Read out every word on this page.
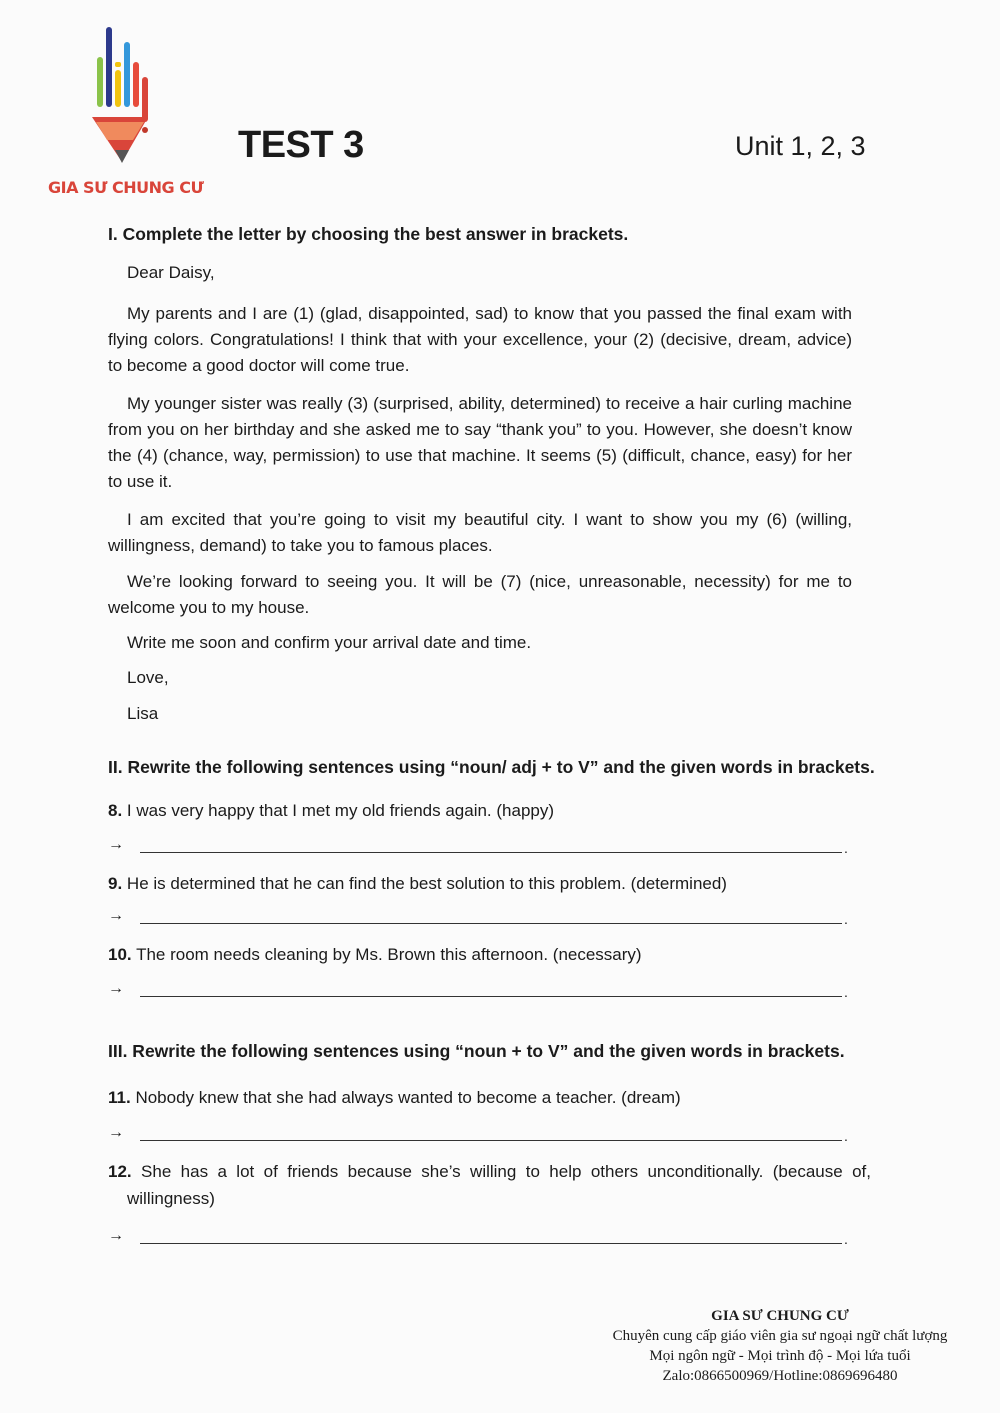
GIA SƯ CHUNG CƯ
TEST 3	Unit 1, 2, 3
I. Complete the letter by choosing the best answer in brackets.
Dear Daisy,
My parents and I are (1) (glad, disappointed, sad) to know that you passed the final exam with flying colors. Congratulations! I think that with your excellence, your (2) (decisive, dream, advice) to become a good doctor will come true.
My younger sister was really (3) (surprised, ability, determined) to receive a hair curling machine from you on her birthday and she asked me to say “thank you” to you. However, she doesn’t know the (4) (chance, way, permission) to use that machine. It seems (5) (difficult, chance, easy) for her to use it.
I am excited that you’re going to visit my beautiful city. I want to show you my (6) (willing, willingness, demand) to take you to famous places.
We’re looking forward to seeing you. It will be (7) (nice, unreasonable, necessity) for me to welcome you to my house.
Write me soon and confirm your arrival date and time.
Love,
Lisa
II. Rewrite the following sentences using “noun/ adj + to V” and the given words in brackets.
8. I was very happy that I met my old friends again. (happy)
→	.
9. He is determined that he can find the best solution to this problem. (determined)
→	.
10. The room needs cleaning by Ms. Brown this afternoon. (necessary)
→	.
III. Rewrite the following sentences using “noun + to V” and the given words in brackets.
11. Nobody knew that she had always wanted to become a teacher. (dream)
→	.
12. She has a lot of friends because she’s willing to help others unconditionally. (because of, willingness)
→	.
GIA SƯ CHUNG CƯ
Chuyên cung cấp giáo viên gia sư ngoại ngữ chất lượng
Mọi ngôn ngữ - Mọi trình độ - Mọi lứa tuổi
Zalo:0866500969/Hotline:0869696480
